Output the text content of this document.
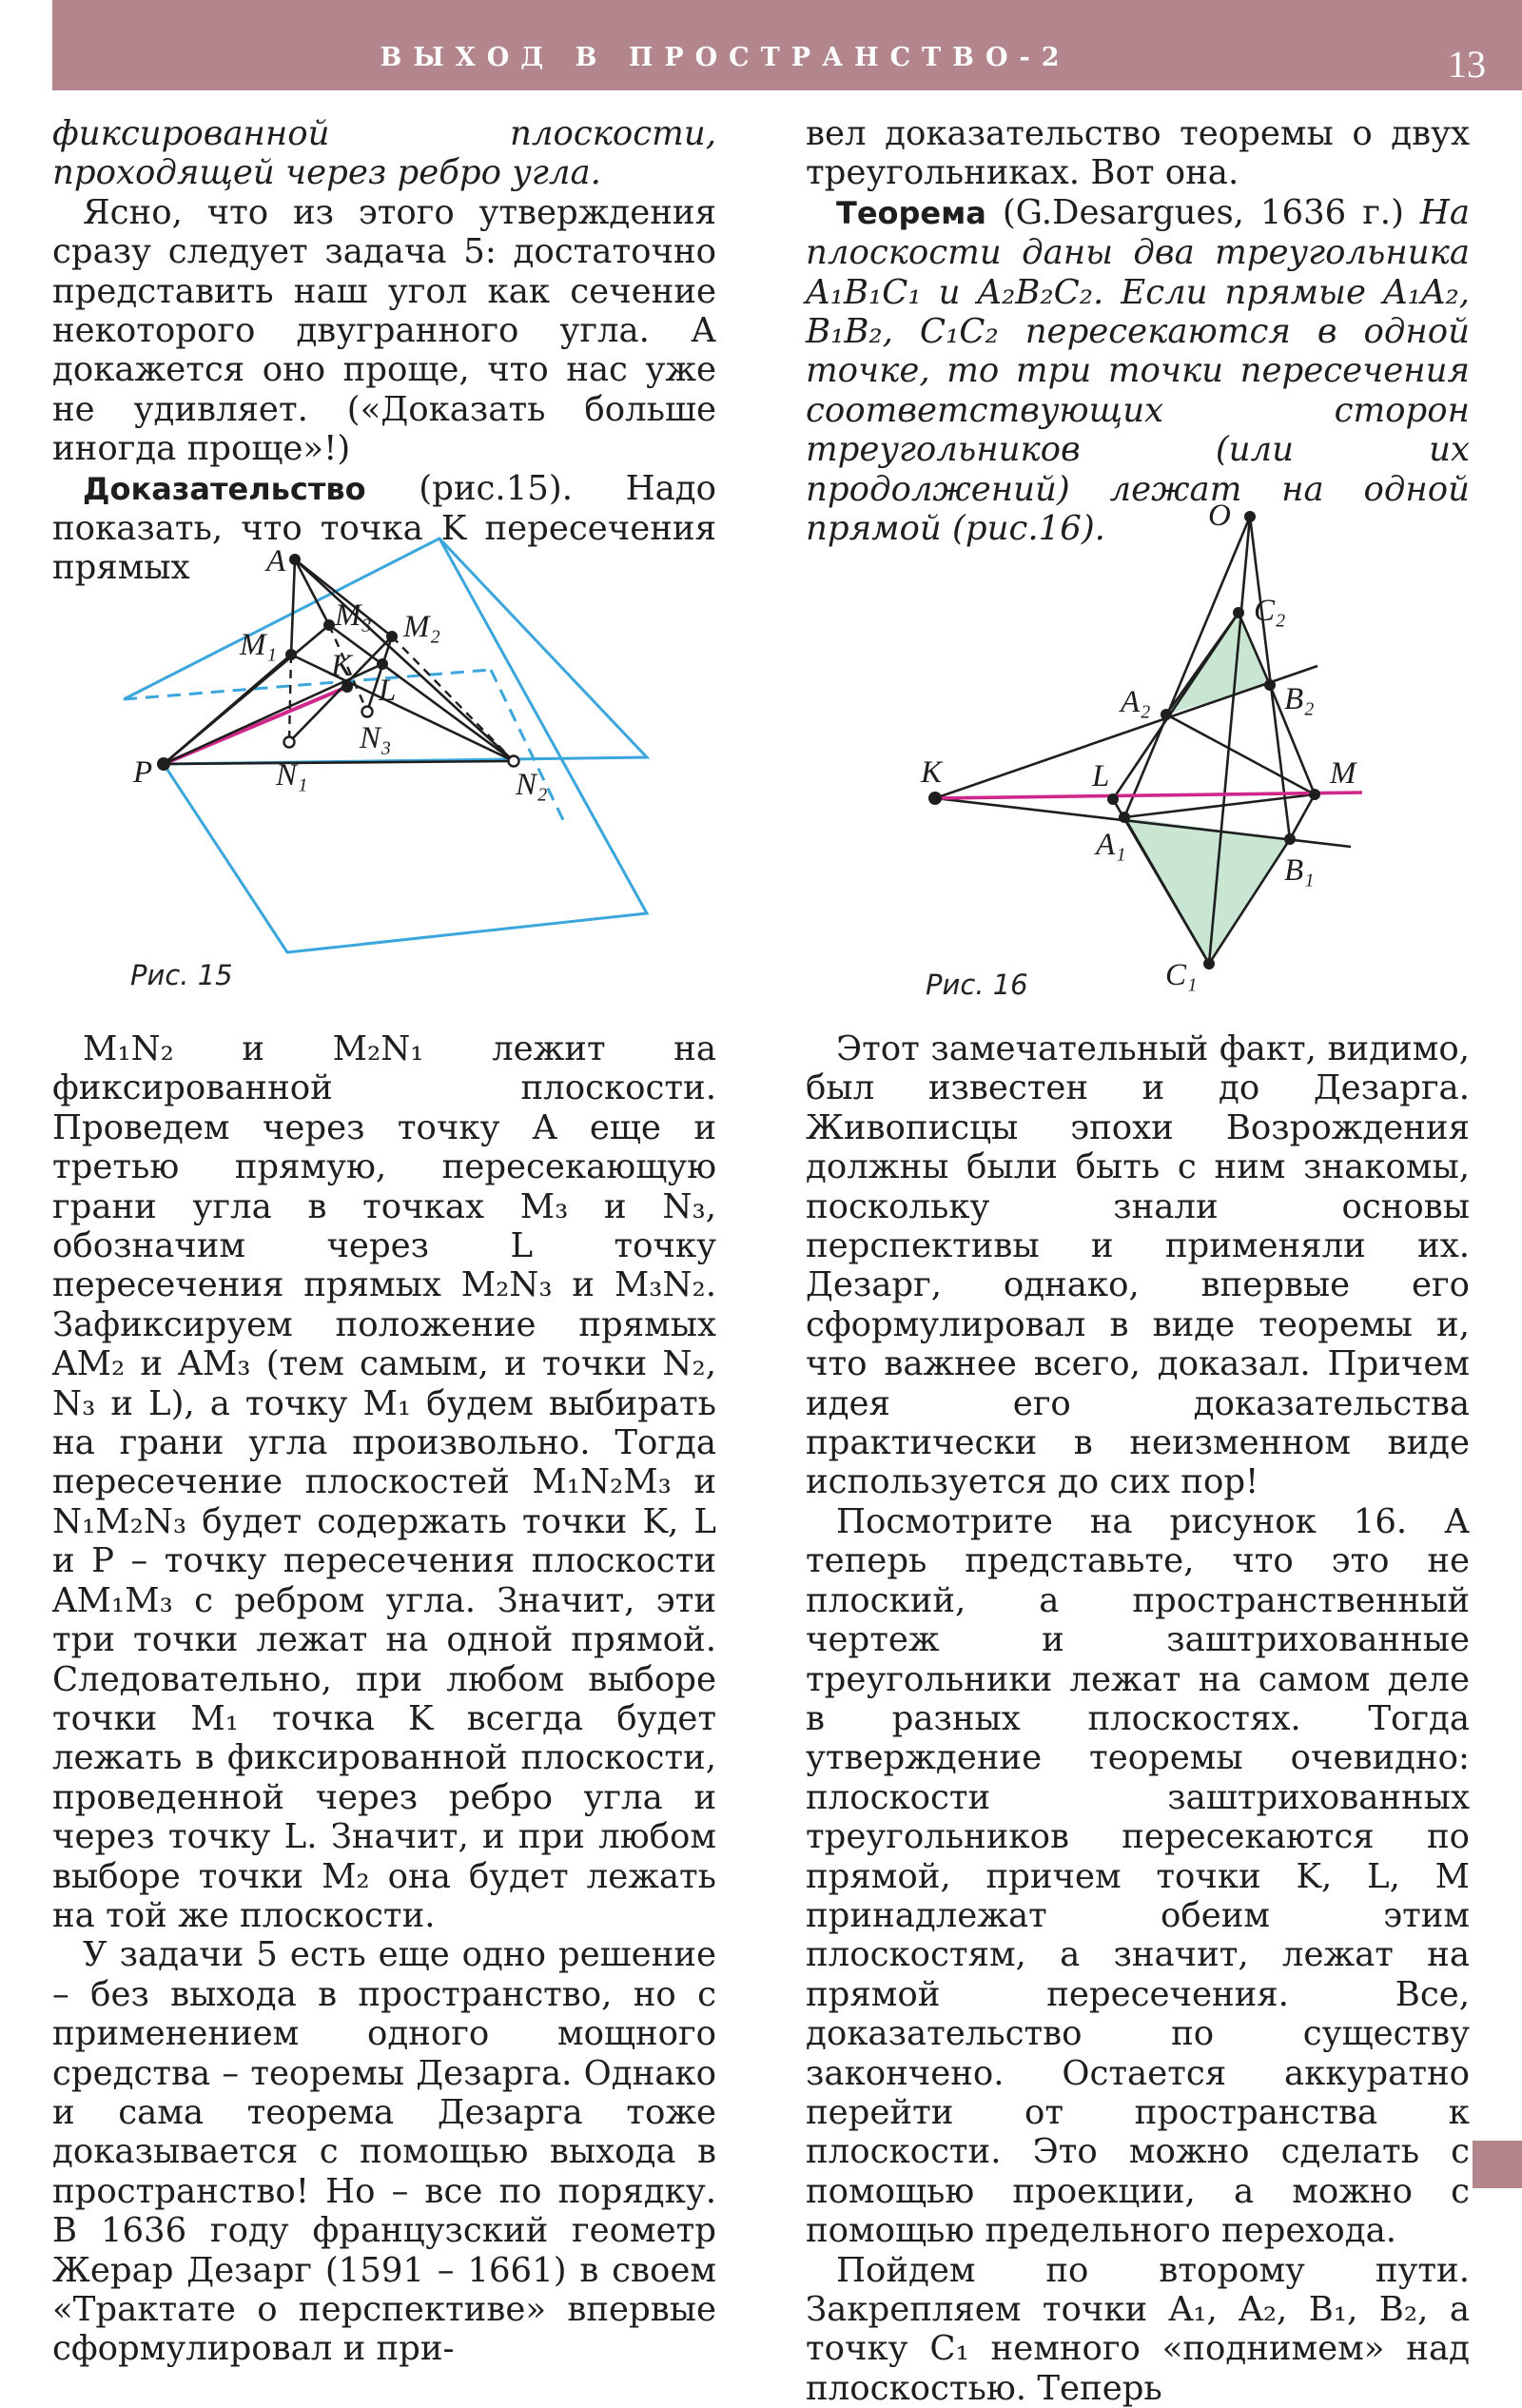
ВЫХОД В ПРОСТРАНСТВО-2	13

фиксированной плоскости, проходящей через ребро угла.

Ясно, что из этого утверждения сразу следует задача 5: достаточно представить наш угол как сечение некоторого двугранного угла. А докажется оно проще, что нас уже не удивляет. («Доказать больше иногда проще»!)

Доказательство (рис.15). Надо показать, что точка K пересечения прямых

вел доказательство теоремы о двух треугольниках. Вот она.

Теорема (G.Desargues, 1636 г.) На плоскости даны два треугольника A₁B₁C₁ и A₂B₂C₂. Если прямые A₁A₂, B₁B₂, C₁C₂ пересекаются в одной точке, то три точки пересечения соответствующих сторон треугольников (или их продолжений) лежат на одной прямой (рис.16).

A
M₁
M₃ M₂
K
L
N₃
N₁	N₂
P
Рис. 15
O
C₂
B₂
A₂
K	L	M
A₁
B₁
C₁
Рис. 16

M₁N₂ и M₂N₁ лежит на фиксированной плоскости. Проведем через точку A еще и третью прямую, пересекающую грани угла в точках M₃ и N₃, обозначим через L точку пересечения прямых M₂N₃ и M₃N₂. Зафиксируем положение прямых AM₂ и AM₃ (тем самым, и точки N₂, N₃ и L), а точку M₁ будем выбирать на грани угла произвольно. Тогда пересечение плоскостей M₁N₂M₃ и N₁M₂N₃ будет содержать точки K, L и P – точку пересечения плоскости AM₁M₃ с ребром угла. Значит, эти три точки лежат на одной прямой. Следовательно, при любом выборе точки M₁ точка K всегда будет лежать в фиксированной плоскости, проведенной через ребро угла и через точку L. Значит, и при любом выборе точки M₂ она будет лежать на той же плоскости.

У задачи 5 есть еще одно решение – без выхода в пространство, но с применением одного мощного средства – теоремы Дезарга. Однако и сама теорема Дезарга тоже доказывается с помощью выхода в пространство! Но – все по порядку. В 1636 году французский геометр Жерар Дезарг (1591 – 1661) в своем «Трактате о перспективе» впервые сформулировал и при-

Этот замечательный факт, видимо, был известен и до Дезарга. Живописцы эпохи Возрождения должны были быть с ним знакомы, поскольку знали основы перспективы и применяли их. Дезарг, однако, впервые его сформулировал в виде теоремы и, что важнее всего, доказал. Причем идея его доказательства практически в неизменном виде используется до сих пор!

Посмотрите на рисунок 16. А теперь представьте, что это не плоский, а пространственный чертеж и заштрихованные треугольники лежат на самом деле в разных плоскостях. Тогда утверждение теоремы очевидно: плоскости заштрихованных треугольников пересекаются по прямой, причем точки K, L, M принадлежат обеим этим плоскостям, а значит, лежат на прямой пересечения. Все, доказательство по существу закончено. Остается аккуратно перейти от пространства к плоскости. Это можно сделать с помощью проекции, а можно с помощью предельного перехода.

Пойдем по второму пути. Закрепляем точки A₁, A₂, B₁, B₂, а точку C₁ немного «поднимем» над плоскостью. Теперь
